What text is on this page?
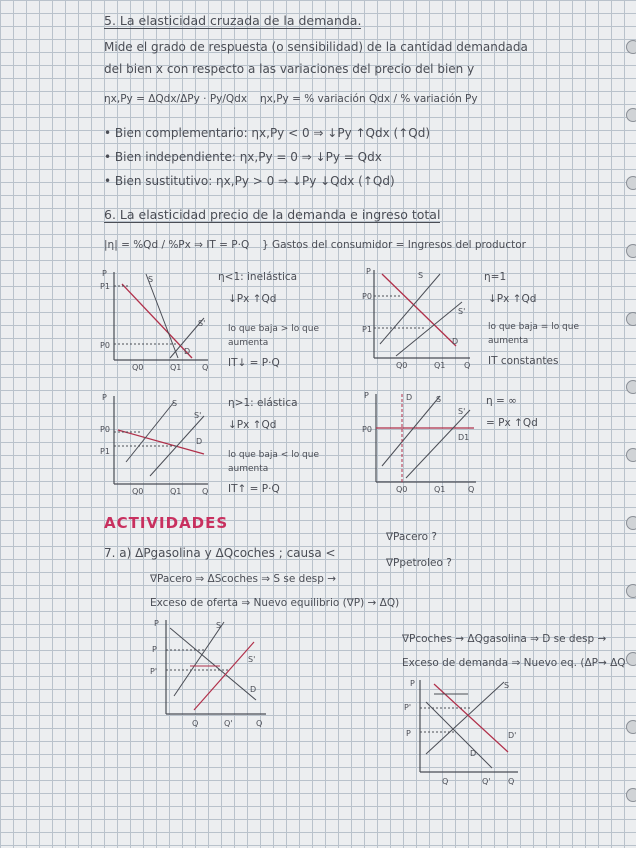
5. La elasticidad cruzada de la demanda.
Mide el grado de respuesta (o sensibilidad) de la cantidad demandada
del bien x con respecto a las variaciones del precio del bien y
ηx,Py = ΔQdx/ΔPy · Py/Qdx ηx,Py = % variación Qdx / % variación Py
• Bien complementario: ηx,Py < 0 ⇒ ↓Py ↑Qdx (↑Qd)
• Bien independiente: ηx,Py = 0 ⇒ ↓Py = Qdx
• Bien sustitutivo: ηx,Py > 0 ⇒ ↓Py ↓Qdx (↑Qd)
6. La elasticidad precio de la demanda e ingreso total
|η| = %Qd / %Px ⇒ IT = P·Q } Gastos del consumidor = Ingresos del productor
P
P1
P0
S
S'
D
Q0	Q1	Q
η<1: inelástica
↓Px ↑Qd
lo que baja > lo que aumenta
IT↓ = P·Q
P
P0
P1
S
S'
D
Q0	Q1 Q
η=1
↓Px ↑Qd
lo que baja = lo que aumenta
IT constantes
P
P0
P1
S
S'
D
Q0	Q1	Q
η>1: elástica
↓Px ↑Qd
lo que baja < lo que aumenta
IT↑ = P·Q
P
P0
D
D1
S
S'
Q0	Q1	Q
η = ∞
= Px ↑Qd
ACTIVIDADES
7. a) ΔPgasolina y ΔQcoches ; causa <
∇Pacero ?
∇Ppetroleo ?
∇Pacero ⇒ ΔScoches ⇒ S se desp →
Exceso de oferta ⇒ Nuevo equilibrio (∇P) → ΔQ)
∇Pcoches → ΔQgasolina ⇒ D se desp →
Exceso de demanda ⇒ Nuevo eq. (ΔP→ ΔQ
P
P
P'
S
S'
D
Q	Q'	Q
P
P'
P
S
D'
D
Q	Q' Q
